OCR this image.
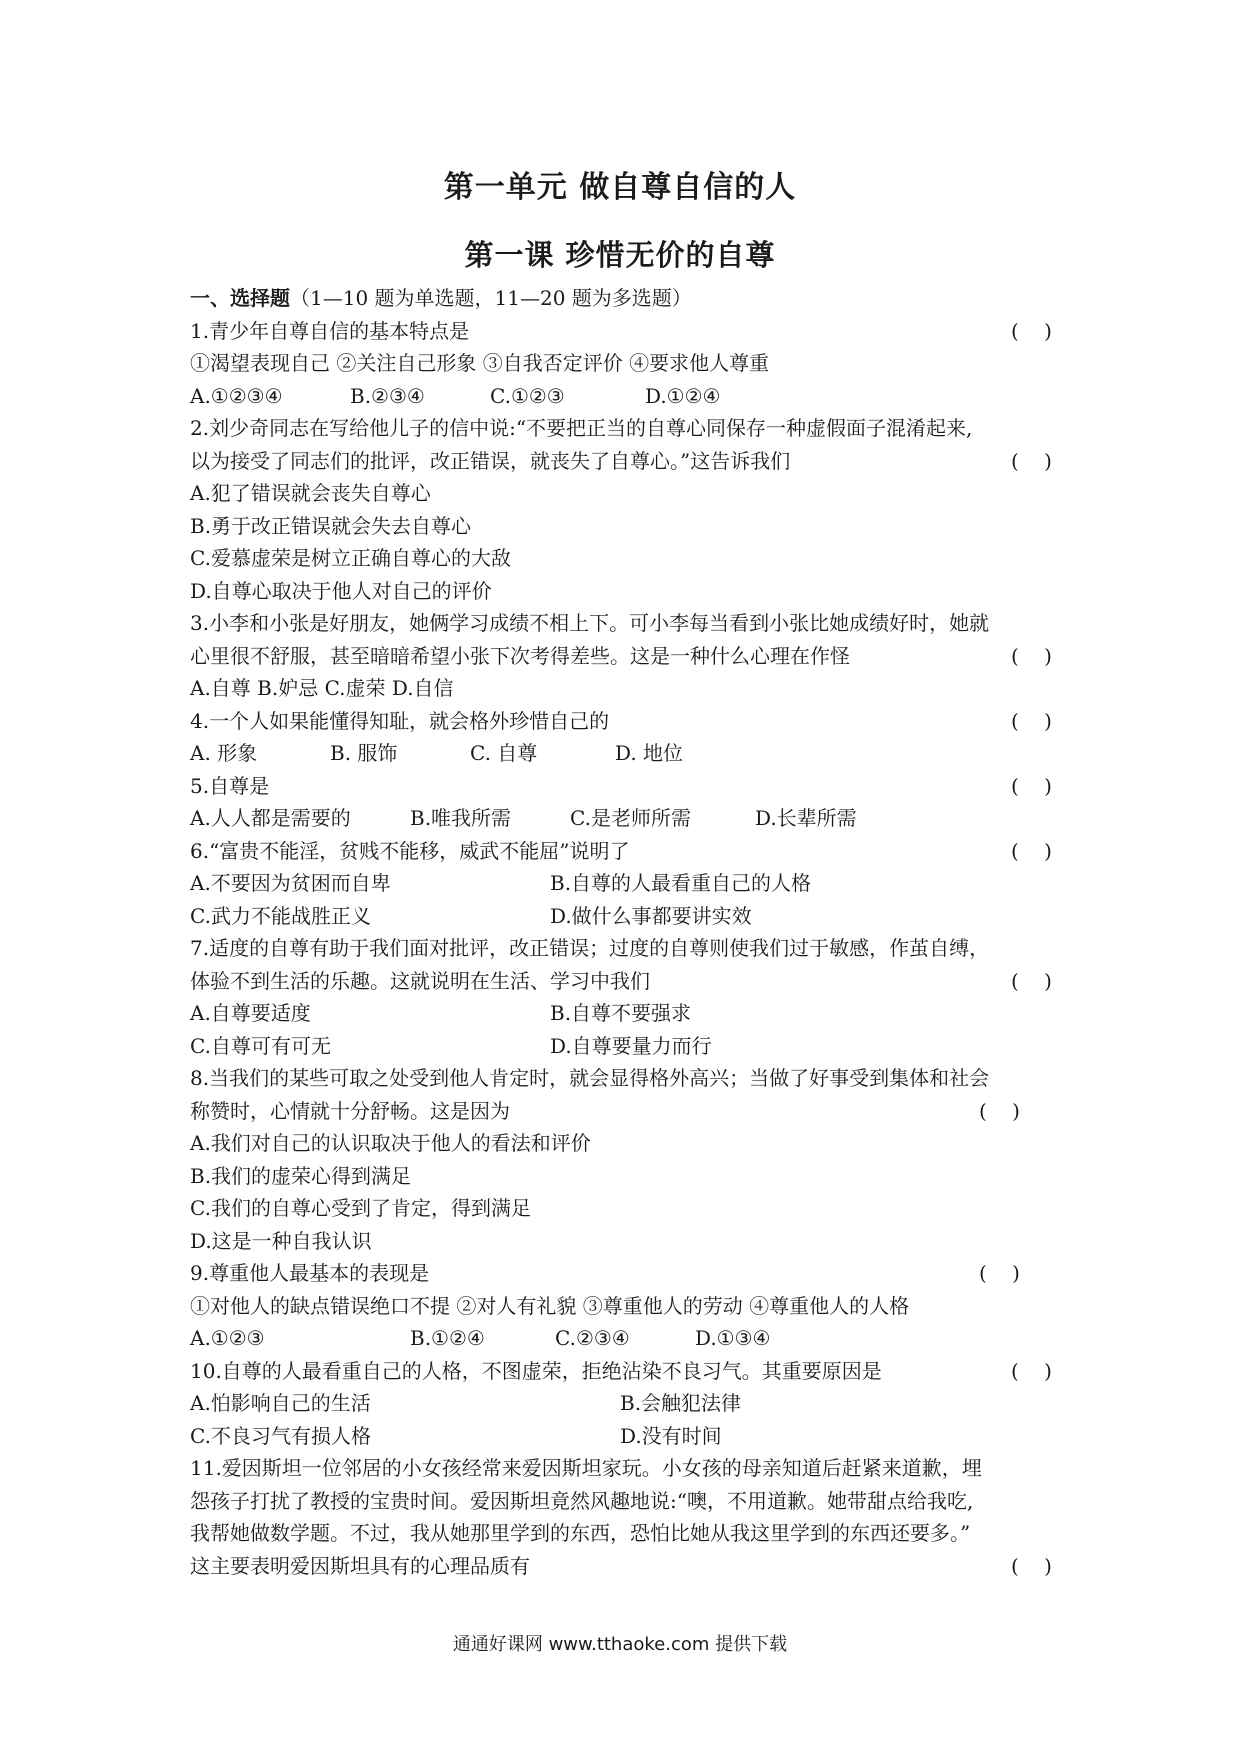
第一单元 做自尊自信的人
第一课 珍惜无价的自尊
一、选择题（1—10 题为单选题，11—20 题为多选题）
1.青少年自尊自信的基本特点是	(    )
①渴望表现自己 ②关注自己形象 ③自我否定评价 ④要求他人尊重
A.①②③④	B.②③④	C.①②③	D.①②④
2.刘少奇同志在写给他儿子的信中说:“不要把正当的自尊心同保存一种虚假面子混淆起来,
以为接受了同志们的批评，改正错误，就丧失了自尊心。”这告诉我们	(    )
A.犯了错误就会丧失自尊心
B.勇于改正错误就会失去自尊心
C.爱慕虚荣是树立正确自尊心的大敌
D.自尊心取决于他人对自己的评价
3.小李和小张是好朋友，她俩学习成绩不相上下。可小李每当看到小张比她成绩好时，她就
心里很不舒服，甚至暗暗希望小张下次考得差些。这是一种什么心理在作怪	(    )
A.自尊 B.妒忌 C.虚荣 D.自信
4.一个人如果能懂得知耻，就会格外珍惜自己的	(    )
A. 形象	B. 服饰	C. 自尊	D. 地位
5.自尊是	(    )
A.人人都是需要的	B.唯我所需	C.是老师所需	D.长辈所需
6.“富贵不能淫，贫贱不能移，威武不能屈”说明了	(    )
A.不要因为贫困而自卑	B.自尊的人最看重自己的人格
C.武力不能战胜正义	D.做什么事都要讲实效
7.适度的自尊有助于我们面对批评，改正错误；过度的自尊则使我们过于敏感，作茧自缚，
体验不到生活的乐趣。这就说明在生活、学习中我们	(    )
A.自尊要适度	B.自尊不要强求
C.自尊可有可无	D.自尊要量力而行
8.当我们的某些可取之处受到他人肯定时，就会显得格外高兴；当做了好事受到集体和社会
称赞时，心情就十分舒畅。这是因为	(    )
A.我们对自己的认识取决于他人的看法和评价
B.我们的虚荣心得到满足
C.我们的自尊心受到了肯定，得到满足
D.这是一种自我认识
9.尊重他人最基本的表现是	(    )
①对他人的缺点错误绝口不提 ②对人有礼貌 ③尊重他人的劳动 ④尊重他人的人格
A.①②③	B.①②④	C.②③④	D.①③④
10.自尊的人最看重自己的人格，不图虚荣，拒绝沾染不良习气。其重要原因是	(    )
A.怕影响自己的生活	B.会触犯法律
C.不良习气有损人格	D.没有时间
11.爱因斯坦一位邻居的小女孩经常来爱因斯坦家玩。小女孩的母亲知道后赶紧来道歉，埋
怨孩子打扰了教授的宝贵时间。爱因斯坦竟然风趣地说:“噢，不用道歉。她带甜点给我吃,
我帮她做数学题。不过，我从她那里学到的东西，恐怕比她从我这里学到的东西还要多。”
这主要表明爱因斯坦具有的心理品质有	(    )
通通好课网 www.tthaoke.com 提供下载
